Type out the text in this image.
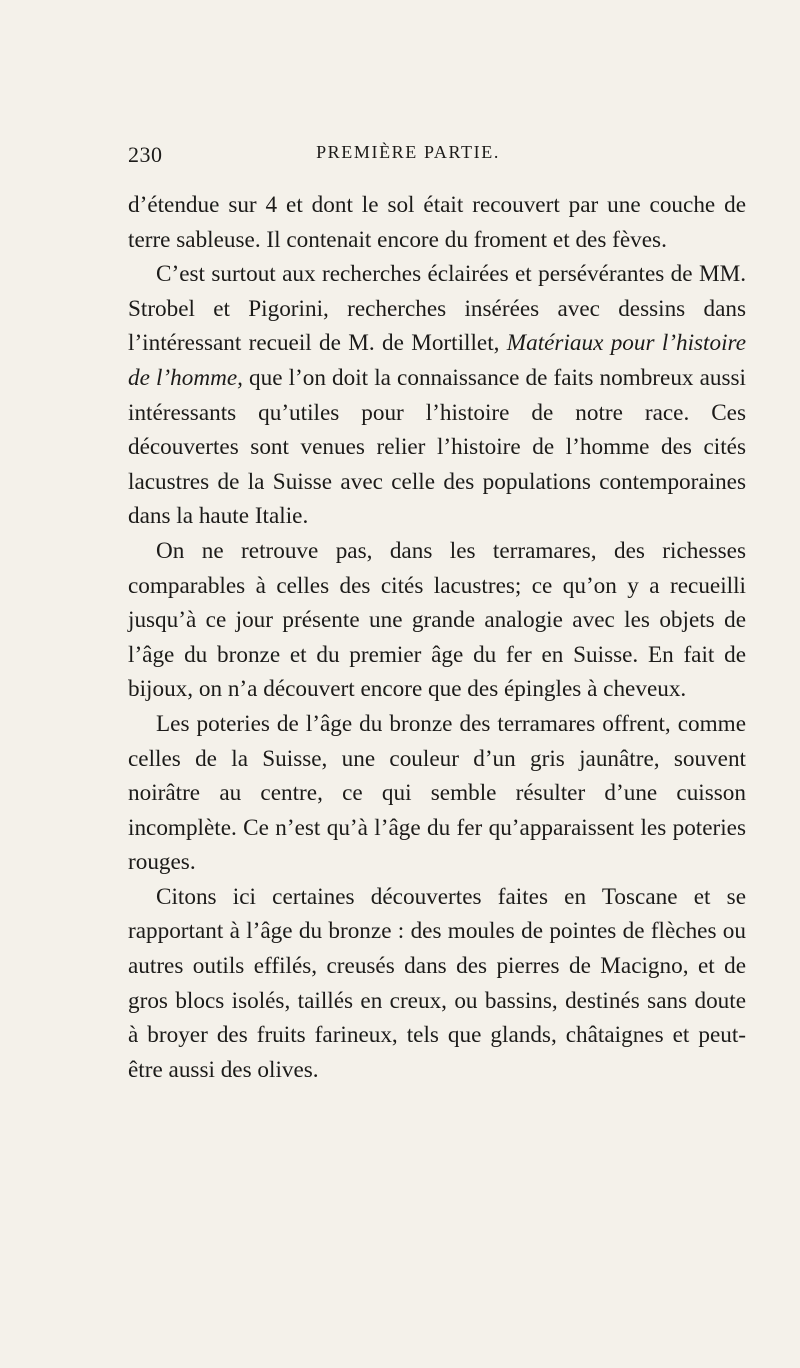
230	PREMIÈRE PARTIE.

d’étendue sur 4 et dont le sol était recouvert par une couche de terre sableuse. Il contenait encore du froment et des fèves.

C’est surtout aux recherches éclairées et persévérantes de MM. Strobel et Pigorini, recherches insérées avec dessins dans l’intéressant recueil de M. de Mortillet, Matériaux pour l’histoire de l’homme, que l’on doit la connaissance de faits nombreux aussi intéressants qu’utiles pour l’histoire de notre race. Ces découvertes sont venues relier l’histoire de l’homme des cités lacustres de la Suisse avec celle des populations contemporaines dans la haute Italie.

On ne retrouve pas, dans les terramares, des richesses comparables à celles des cités lacustres; ce qu’on y a recueilli jusqu’à ce jour présente une grande analogie avec les objets de l’âge du bronze et du premier âge du fer en Suisse. En fait de bijoux, on n’a découvert encore que des épingles à cheveux.

Les poteries de l’âge du bronze des terramares offrent, comme celles de la Suisse, une couleur d’un gris jaunâtre, souvent noirâtre au centre, ce qui semble résulter d’une cuisson incomplète. Ce n’est qu’à l’âge du fer qu’apparaissent les poteries rouges.

Citons ici certaines découvertes faites en Toscane et se rapportant à l’âge du bronze : des moules de pointes de flèches ou autres outils effilés, creusés dans des pierres de Macigno, et de gros blocs isolés, taillés en creux, ou bassins, destinés sans doute à broyer des fruits farineux, tels que glands, châtaignes et peut-être aussi des olives.
